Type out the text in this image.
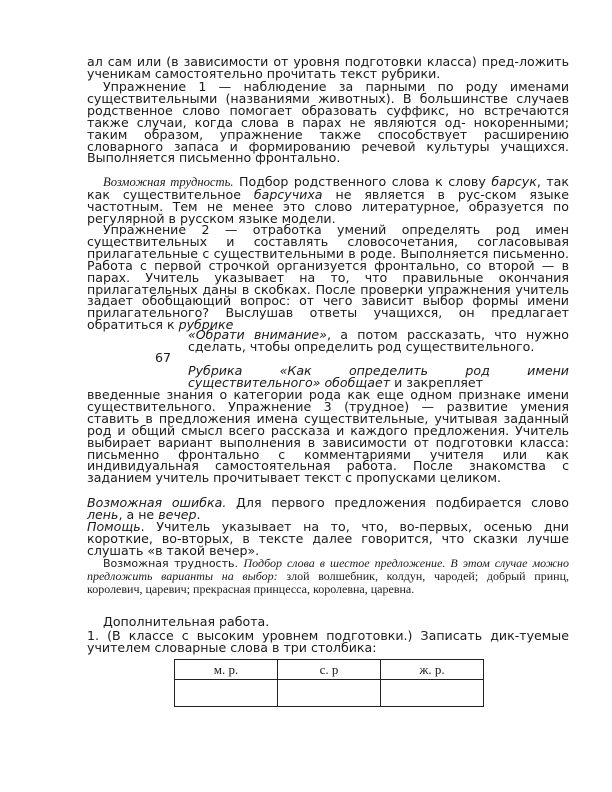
ал сам или (в зависимости от уровня подготовки класса) пред-ложить ученикам самостоятельно прочитать текст рубрики.

Упражнение 1 — наблюдение за парными по роду именами существительными (названиями животных). В большинстве случаев родственное слово помогает образовать суффикс, но встречаются также случаи, когда слова в парах не являются од- нокоренными; таким образом, упражнение также способствует расширению словарного запаса и формированию речевой культуры учащихся. Выполняется письменно фронтально.

Возможная трудность. Подбор родственного слова к слову барсук, так как существительное барсучиха не является в рус-ском языке частотным. Тем не менее это слово литературное, образуется по регулярной в русском языке модели.

Упражнение 2 — отработка умений определять род имен существительных и составлять словосочетания, согласовывая прилагательные с существительными в роде. Выполняется письменно. Работа с первой строчкой организуется фронтально, со второй — в парах. Учитель указывает на то, что правильные окончания прилагательных даны в скобках. После проверки упражнения учитель задает обобщающий вопрос: от чего зависит выбор формы имени прилагательного? Выслушав ответы учащихся, он предлагает обратиться к рубрике

67

«Обрати внимание», а потом рассказать, что нужно сделать, чтобы определить род существительного.

Рубрика «Как определить род имени существительного» обобщает и закрепляет

введенные знания о категории рода как еще одном признаке имени существительного. Упражнение 3 (трудное) — развитие умения ставить в предложения имена существительные, учитывая заданный род и общий смысл всего рассказа и каждого предложения. Учитель выбирает вариант выполнения в зависимости от подготовки класса: письменно фронтально с комментариями учителя или как индивидуальная самостоятельная работа. После знакомства с заданием учитель прочитывает текст с пропусками целиком.

Возможная ошибка. Для первого предложения подбирается слово лень, а не вечер.

Помощь. Учитель указывает на то, что, во-первых, осенью дни короткие, во-вторых, в тексте далее говорится, что сказки лучше слушать «в такой вечер».

Возможная трудность. Подбор слова в шестое предложение. В этом случае можно предложить варианты на выбор: злой волшебник, колдун, чародей; добрый принц, королевич, царевич; прекрасная принцесса, королевна, царевна.

Дополнительная работа.

1. (В классе с высоким уровнем подготовки.) Записать дик-туемые учителем словарные слова в три столбика:

м. р.	с. р	ж. р.
